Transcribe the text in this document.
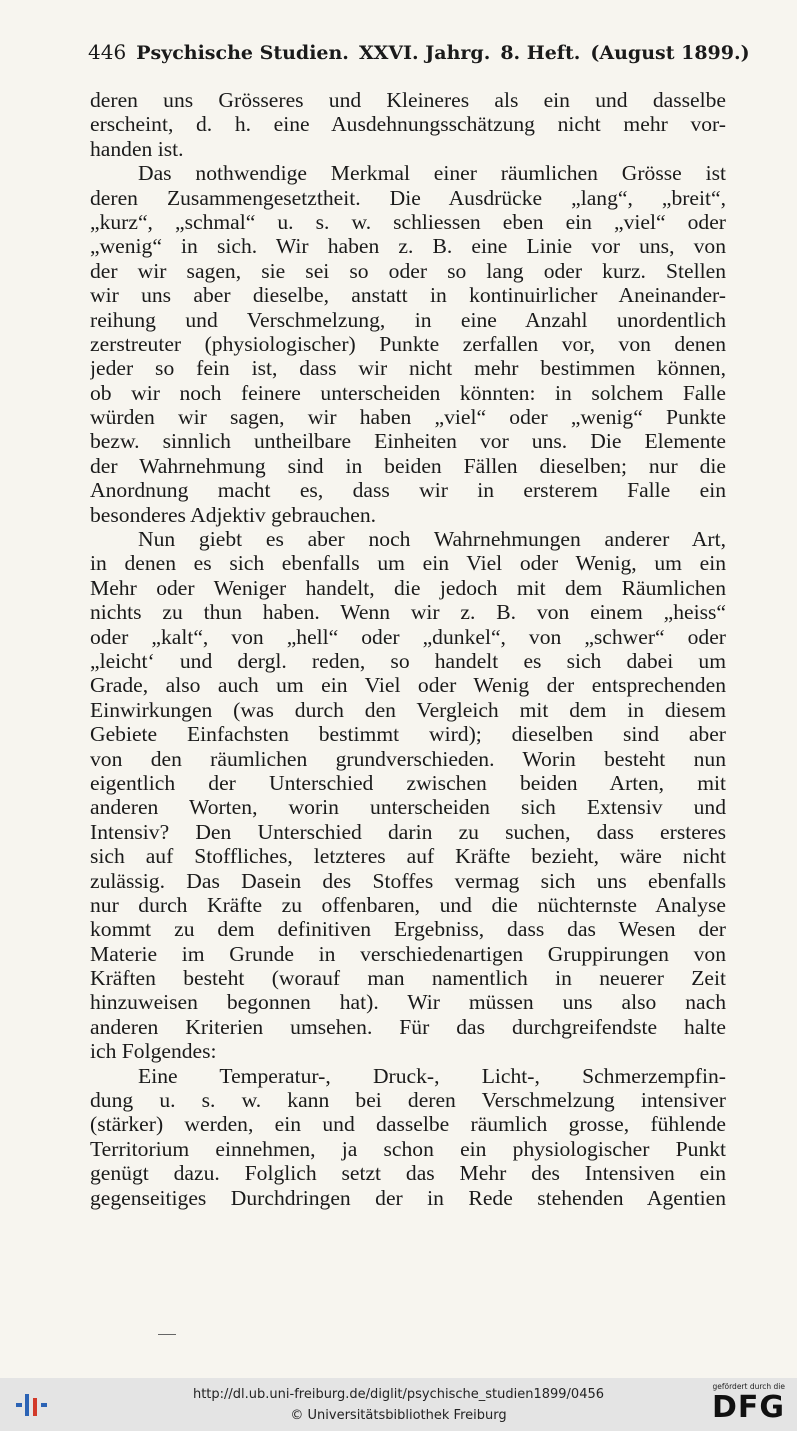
446 Psychische Studien. XXVI. Jahrg. 8. Heft. (August 1899.)
deren uns Grösseres und Kleineres als ein und dasselbe
erscheint, d. h. eine Ausdehnungsschätzung nicht mehr vor-
handen ist.
Das nothwendige Merkmal einer räumlichen Grösse ist
deren Zusammengesetztheit. Die Ausdrücke „lang“, „breit“,
„kurz“, „schmal“ u. s. w. schliessen eben ein „viel“ oder
„wenig“ in sich. Wir haben z. B. eine Linie vor uns, von
der wir sagen, sie sei so oder so lang oder kurz. Stellen
wir uns aber dieselbe, anstatt in kontinuirlicher Aneinander-
reihung und Verschmelzung, in eine Anzahl unordentlich
zerstreuter (physiologischer) Punkte zerfallen vor, von denen
jeder so fein ist, dass wir nicht mehr bestimmen können,
ob wir noch feinere unterscheiden könnten: in solchem Falle
würden wir sagen, wir haben „viel“ oder „wenig“ Punkte
bezw. sinnlich untheilbare Einheiten vor uns. Die Elemente
der Wahrnehmung sind in beiden Fällen dieselben; nur die
Anordnung macht es, dass wir in ersterem Falle ein
besonderes Adjektiv gebrauchen.
Nun giebt es aber noch Wahrnehmungen anderer Art,
in denen es sich ebenfalls um ein Viel oder Wenig, um ein
Mehr oder Weniger handelt, die jedoch mit dem Räumlichen
nichts zu thun haben. Wenn wir z. B. von einem „heiss“
oder „kalt“, von „hell“ oder „dunkel“, von „schwer“ oder
„leicht‘ und dergl. reden, so handelt es sich dabei um
Grade, also auch um ein Viel oder Wenig der entsprechenden
Einwirkungen (was durch den Vergleich mit dem in diesem
Gebiete Einfachsten bestimmt wird); dieselben sind aber
von den räumlichen grundverschieden. Worin besteht nun
eigentlich der Unterschied zwischen beiden Arten, mit
anderen Worten, worin unterscheiden sich Extensiv und
Intensiv? Den Unterschied darin zu suchen, dass ersteres
sich auf Stoffliches, letzteres auf Kräfte bezieht, wäre nicht
zulässig. Das Dasein des Stoffes vermag sich uns ebenfalls
nur durch Kräfte zu offenbaren, und die nüchternste Analyse
kommt zu dem definitiven Ergebniss, dass das Wesen der
Materie im Grunde in verschiedenartigen Gruppirungen von
Kräften besteht (worauf man namentlich in neuerer Zeit
hinzuweisen begonnen hat). Wir müssen uns also nach
anderen Kriterien umsehen. Für das durchgreifendste halte
ich Folgendes:
Eine Temperatur-, Druck-, Licht-, Schmerzempfin-
dung u. s. w. kann bei deren Verschmelzung intensiver
(stärker) werden, ein und dasselbe räumlich grosse, fühlende
Territorium einnehmen, ja schon ein physiologischer Punkt
genügt dazu. Folglich setzt das Mehr des Intensiven ein
gegenseitiges Durchdringen der in Rede stehenden Agentien
http://dl.ub.uni-freiburg.de/diglit/psychische_studien1899/0456
© Universitätsbibliothek Freiburg
gefördert durch die
DFG
